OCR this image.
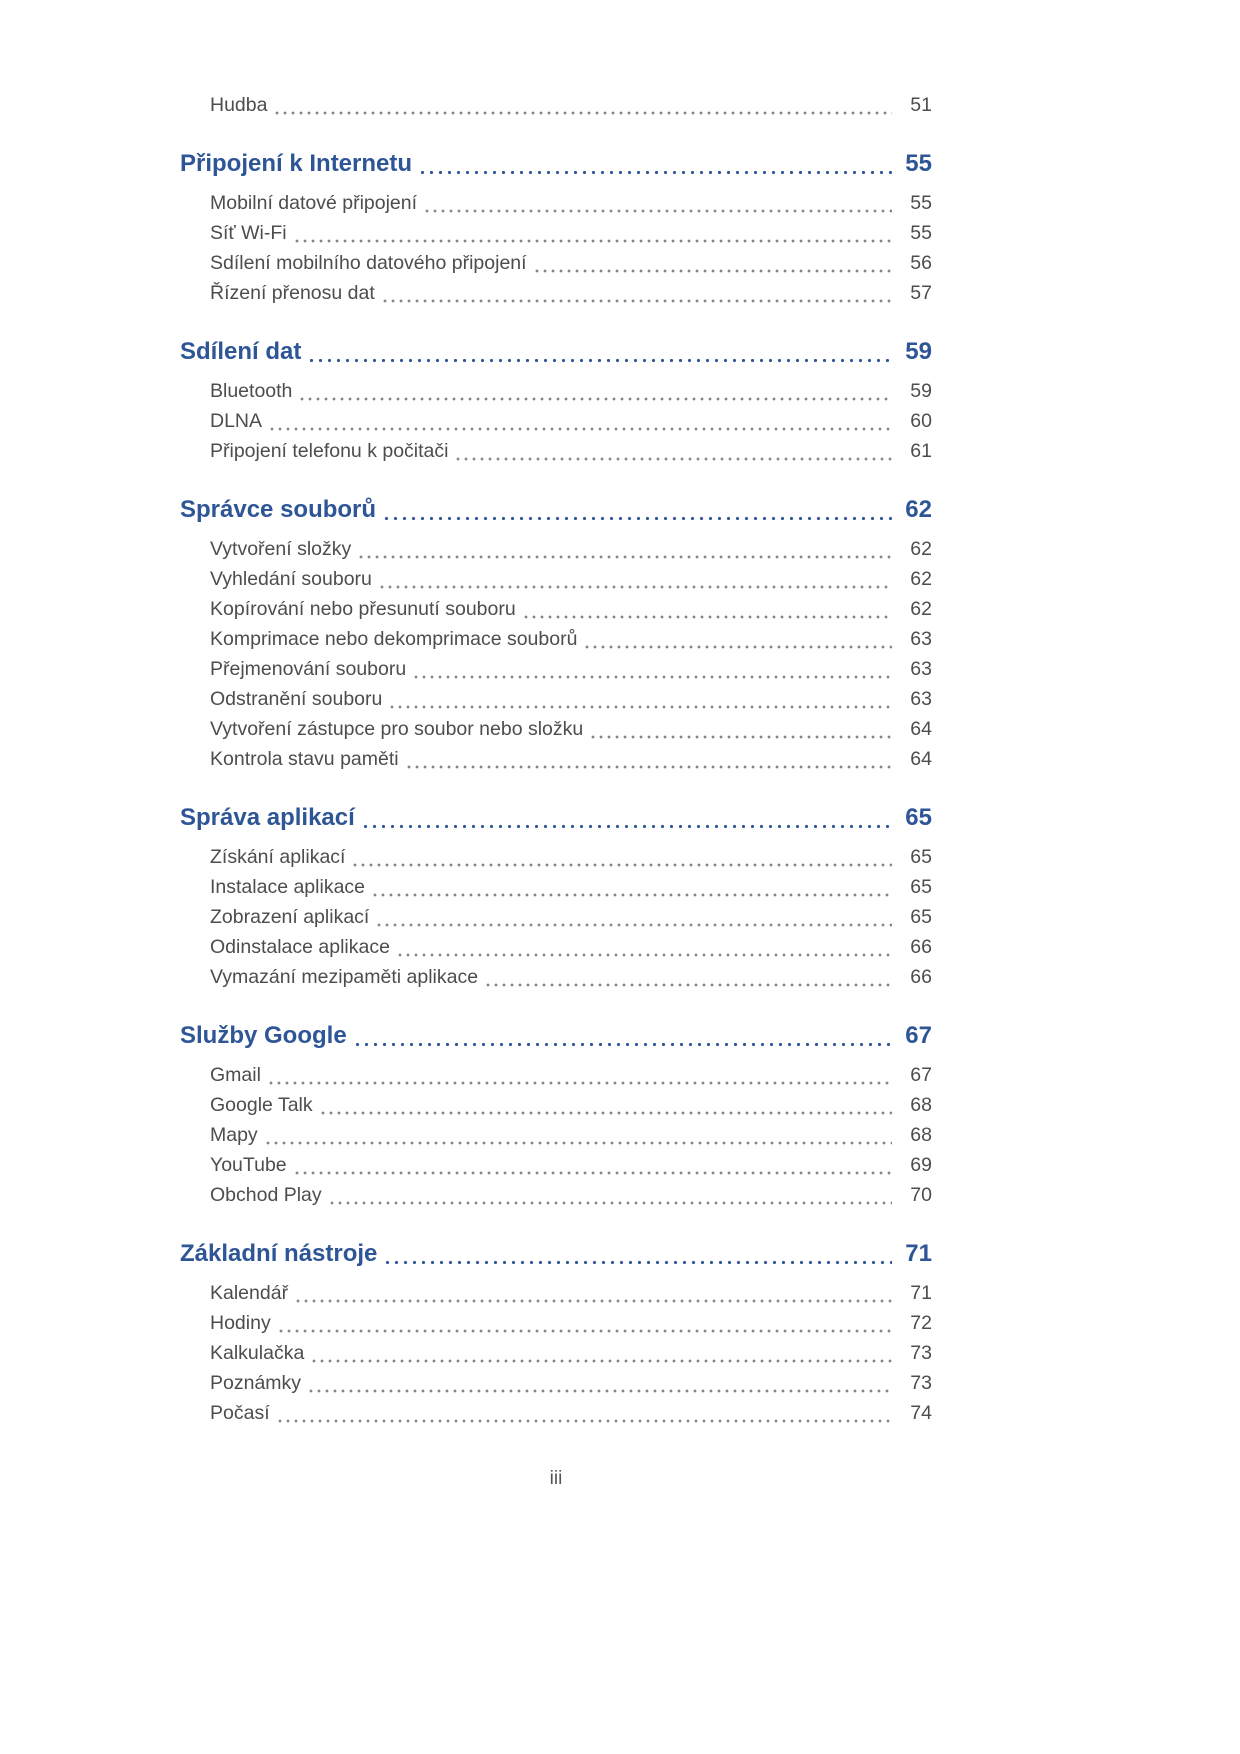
Hudba	51
Připojení k Internetu	55
Mobilní datové připojení	55
Síť Wi-Fi	55
Sdílení mobilního datového připojení	56
Řízení přenosu dat	57
Sdílení dat	59
Bluetooth	59
DLNA	60
Připojení telefonu k počitači	61
Správce souborů	62
Vytvoření složky	62
Vyhledání souboru	62
Kopírování nebo přesunutí souboru	62
Komprimace nebo dekomprimace souborů	63
Přejmenování souboru	63
Odstranění souboru	63
Vytvoření zástupce pro soubor nebo složku	64
Kontrola stavu paměti	64
Správa aplikací	65
Získání aplikací	65
Instalace aplikace	65
Zobrazení aplikací	65
Odinstalace aplikace	66
Vymazání mezipaměti aplikace	66
Služby Google	67
Gmail	67
Google Talk	68
Mapy	68
YouTube	69
Obchod Play	70
Základní nástroje	71
Kalendář	71
Hodiny	72
Kalkulačka	73
Poznámky	73
Počasí	74
iii
